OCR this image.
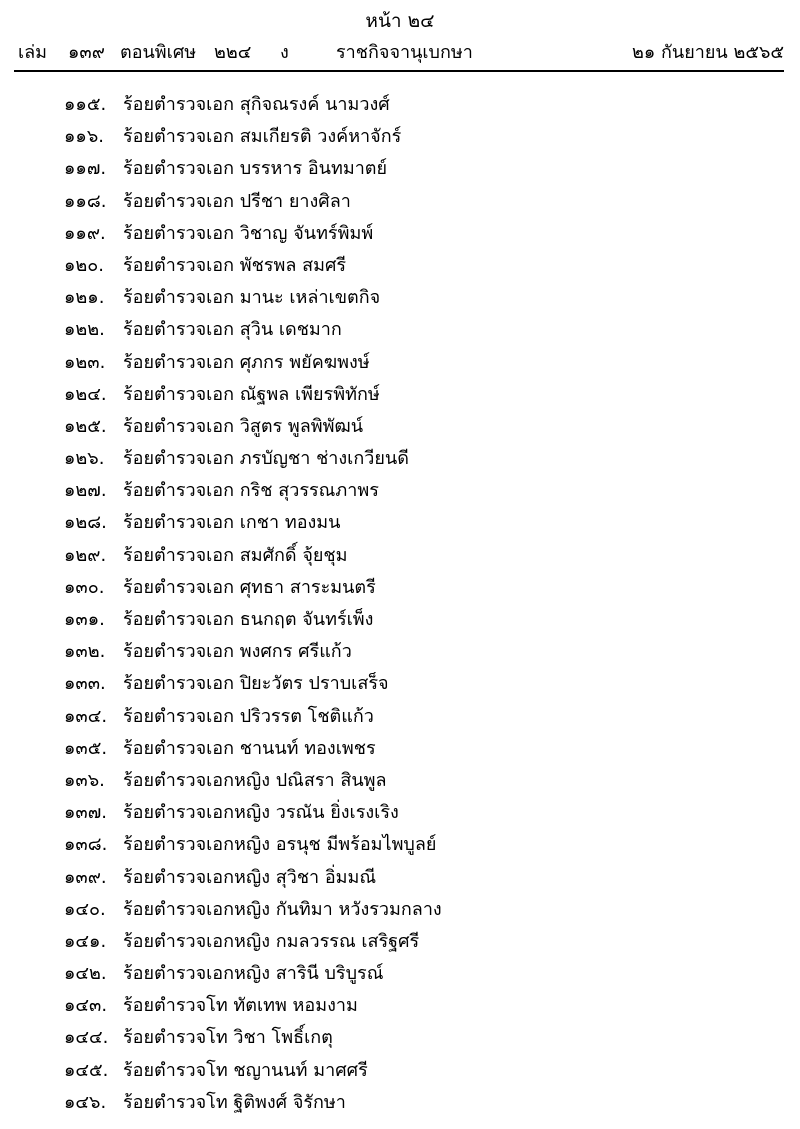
หน้า ๒๔
เล่ม ๑๓๙ ตอนพิเศษ ๒๒๔ ง	ราชกิจจานุเบกษา	๒๑ กันยายน ๒๕๖๕
๑๑๕. ร้อยตำรวจเอก สุกิจณรงค์ นามวงศ์
๑๑๖. ร้อยตำรวจเอก สมเกียรติ วงค์หาจักร์
๑๑๗. ร้อยตำรวจเอก บรรหาร อินทมาตย์
๑๑๘. ร้อยตำรวจเอก ปรีชา ยางศิลา
๑๑๙. ร้อยตำรวจเอก วิชาญ จันทร์พิมพ์
๑๒๐. ร้อยตำรวจเอก พัชรพล สมศรี
๑๒๑. ร้อยตำรวจเอก มานะ เหล่าเขตกิจ
๑๒๒. ร้อยตำรวจเอก สุวิน เดชมาก
๑๒๓. ร้อยตำรวจเอก ศุภกร พยัคฆพงษ์
๑๒๔. ร้อยตำรวจเอก ณัฐพล เพียรพิทักษ์
๑๒๕. ร้อยตำรวจเอก วิสูตร พูลพิพัฒน์
๑๒๖. ร้อยตำรวจเอก ภรบัญชา ช่างเกวียนดี
๑๒๗. ร้อยตำรวจเอก กริช สุวรรณภาพร
๑๒๘. ร้อยตำรวจเอก เกชา ทองมน
๑๒๙. ร้อยตำรวจเอก สมศักดิ์ จุ้ยชุม
๑๓๐. ร้อยตำรวจเอก ศุทธา สาระมนตรี
๑๓๑. ร้อยตำรวจเอก ธนกฤต จันทร์เพ็ง
๑๓๒. ร้อยตำรวจเอก พงศกร ศรีแก้ว
๑๓๓. ร้อยตำรวจเอก ปิยะวัตร ปราบเสร็จ
๑๓๔. ร้อยตำรวจเอก ปริวรรต โชติแก้ว
๑๓๕. ร้อยตำรวจเอก ชานนท์ ทองเพชร
๑๓๖. ร้อยตำรวจเอกหญิง ปณิสรา สินพูล
๑๓๗. ร้อยตำรวจเอกหญิง วรณัน ยิ่งเรงเริง
๑๓๘. ร้อยตำรวจเอกหญิง อรนุช มีพร้อมไพบูลย์
๑๓๙. ร้อยตำรวจเอกหญิง สุวิชา อิ่มมณี
๑๔๐. ร้อยตำรวจเอกหญิง กันทิมา หวังรวมกลาง
๑๔๑. ร้อยตำรวจเอกหญิง กมลวรรณ เสริฐศรี
๑๔๒. ร้อยตำรวจเอกหญิง สารินี บริบูรณ์
๑๔๓. ร้อยตำรวจโท ทัตเทพ หอมงาม
๑๔๔. ร้อยตำรวจโท วิชา โพธิ์เกตุ
๑๔๕. ร้อยตำรวจโท ชญานนท์ มาศศรี
๑๔๖. ร้อยตำรวจโท ฐิติพงศ์ จิรักษา
